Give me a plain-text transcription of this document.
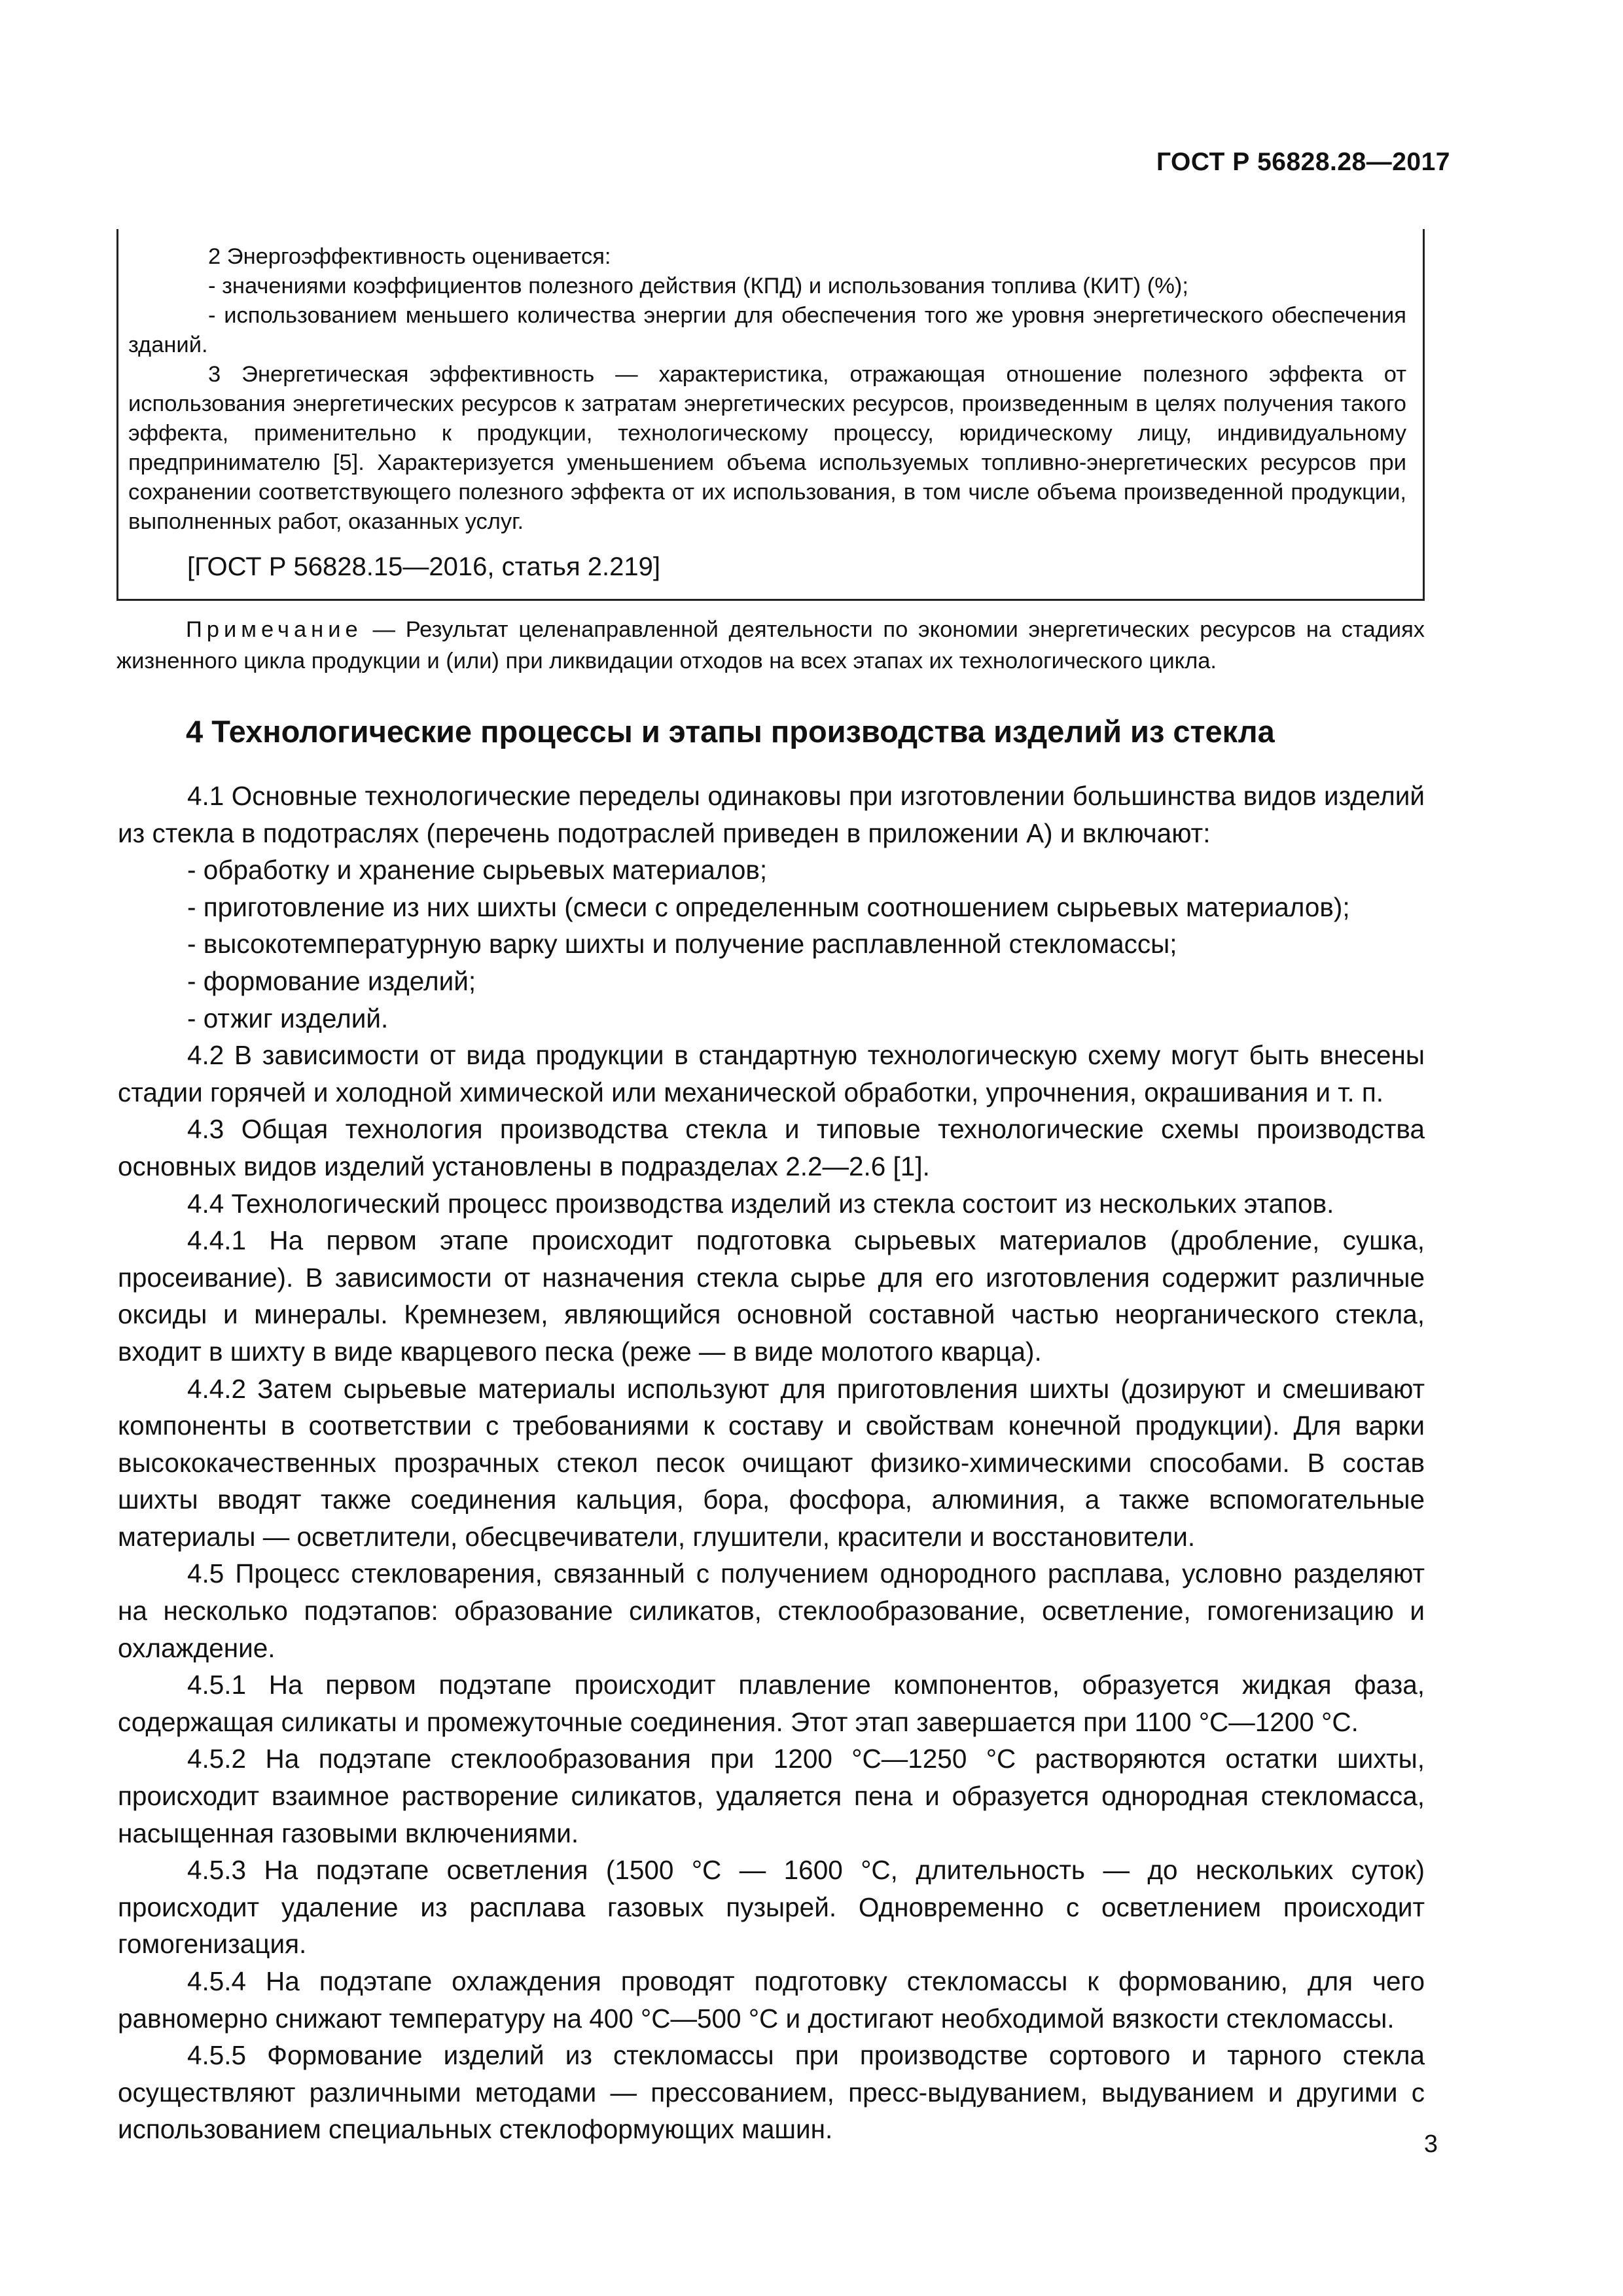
ГОСТ Р 56828.28—2017

2 Энергоэффективность оценивается:

- значениями коэффициентов полезного действия (КПД) и использования топлива (КИТ) (%);

- использованием меньшего количества энергии для обеспечения того же уровня энергетического обеспечения зданий.

3 Энергетическая эффективность — характеристика, отражающая отношение полезного эффекта от использования энергетических ресурсов к затратам энергетических ресурсов, произведенным в целях получения такого эффекта, применительно к продукции, технологическому процессу, юридическому лицу, индивидуальному предпринимателю [5]. Характеризуется уменьшением объема используемых топливно-энергетических ресурсов при сохранении соответствующего полезного эффекта от их использования, в том числе объема произведенной продукции, выполненных работ, оказанных услуг.

[ГОСТ Р 56828.15—2016, статья 2.219]

Примечание — Результат целенаправленной деятельности по экономии энергетических ресурсов на стадиях жизненного цикла продукции и (или) при ликвидации отходов на всех этапах их технологического цикла.

4 Технологические процессы и этапы производства изделий из стекла

4.1 Основные технологические переделы одинаковы при изготовлении большинства видов изделий из стекла в подотраслях (перечень подотраслей приведен в приложении А) и включают:

- обработку и хранение сырьевых материалов;

- приготовление из них шихты (смеси с определенным соотношением сырьевых материалов);

- высокотемпературную варку шихты и получение расплавленной стекломассы;

- формование изделий;

- отжиг изделий.

4.2 В зависимости от вида продукции в стандартную технологическую схему могут быть внесены стадии горячей и холодной химической или механической обработки, упрочнения, окрашивания и т. п.

4.3 Общая технология производства стекла и типовые технологические схемы производства основных видов изделий установлены в подразделах 2.2—2.6 [1].

4.4 Технологический процесс производства изделий из стекла состоит из нескольких этапов.

4.4.1 На первом этапе происходит подготовка сырьевых материалов (дробление, сушка, просеивание). В зависимости от назначения стекла сырье для его изготовления содержит различные оксиды и минералы. Кремнезем, являющийся основной составной частью неорганического стекла, входит в шихту в виде кварцевого песка (реже — в виде молотого кварца).

4.4.2 Затем сырьевые материалы используют для приготовления шихты (дозируют и смешивают компоненты в соответствии с требованиями к составу и свойствам конечной продукции). Для варки высококачественных прозрачных стекол песок очищают физико-химическими способами. В состав шихты вводят также соединения кальция, бора, фосфора, алюминия, а также вспомогательные материалы — осветлители, обесцвечиватели, глушители, красители и восстановители.

4.5 Процесс стекловарения, связанный с получением однородного расплава, условно разделяют на несколько подэтапов: образование силикатов, стеклообразование, осветление, гомогенизацию и охлаждение.

4.5.1 На первом подэтапе происходит плавление компонентов, образуется жидкая фаза, содержащая силикаты и промежуточные соединения. Этот этап завершается при 1100 °С—1200 °С.

4.5.2 На подэтапе стеклообразования при 1200 °С—1250 °С растворяются остатки шихты, происходит взаимное растворение силикатов, удаляется пена и образуется однородная стекломасса, насыщенная газовыми включениями.

4.5.3 На подэтапе осветления (1500 °С — 1600 °С, длительность — до нескольких суток) происходит удаление из расплава газовых пузырей. Одновременно с осветлением происходит гомогенизация.

4.5.4 На подэтапе охлаждения проводят подготовку стекломассы к формованию, для чего равномерно снижают температуру на 400 °С—500 °С и достигают необходимой вязкости стекломассы.

4.5.5 Формование изделий из стекломассы при производстве сортового и тарного стекла осуществляют различными методами — прессованием, пресс-выдуванием, выдуванием и другими с использованием специальных стеклоформующих машин.	3
